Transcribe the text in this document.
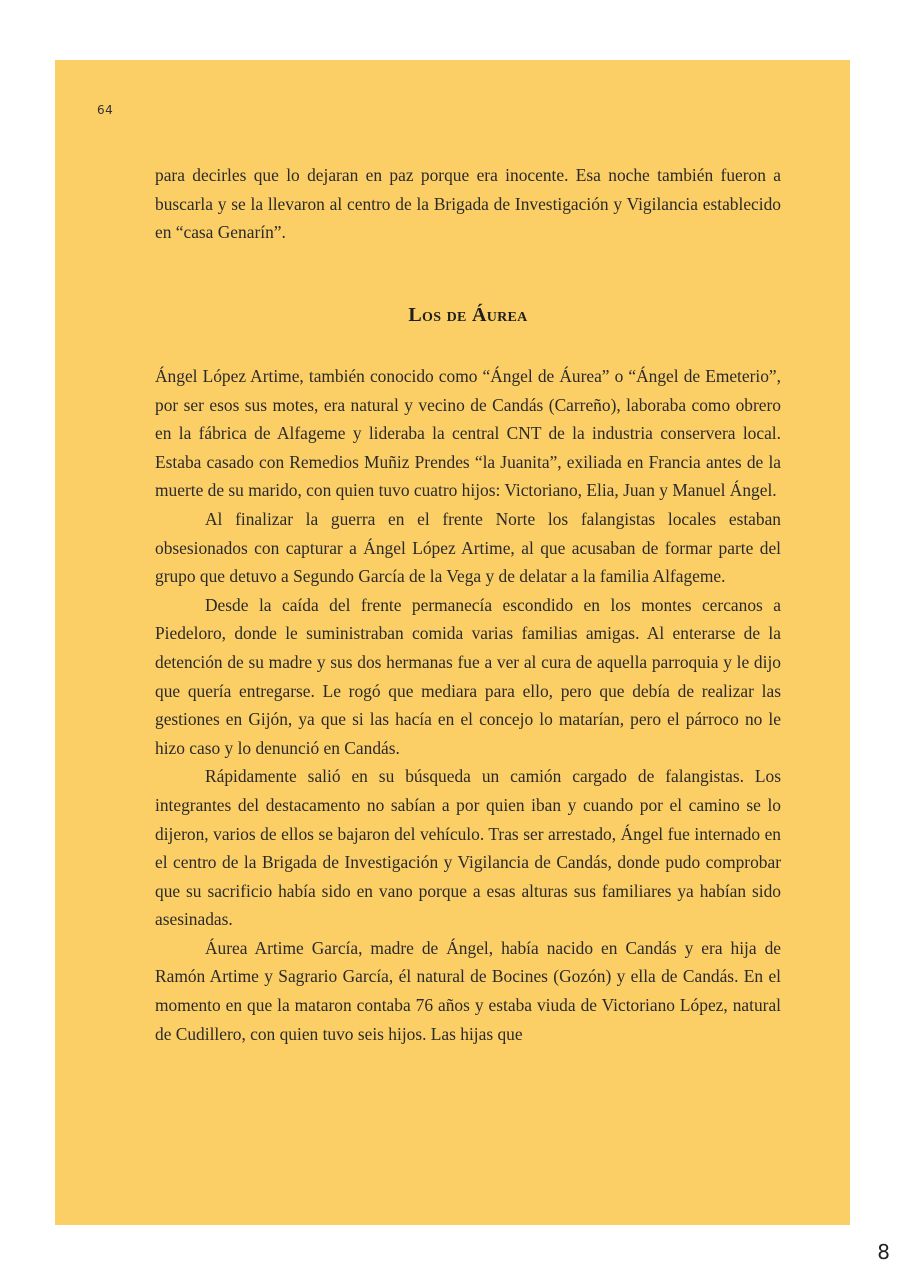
64

para decirles que lo dejaran en paz porque era inocente. Esa noche también fueron a buscarla y se la llevaron al centro de la Brigada de Investigación y Vigilancia establecido en “casa Genarín”.

Los de Áurea

Ángel López Artime, también conocido como “Ángel de Áurea” o “Ángel de Emeterio”, por ser esos sus motes, era natural y vecino de Candás (Carreño), laboraba como obrero en la fábrica de Alfageme y lideraba la central CNT de la industria conservera local. Estaba casado con Remedios Muñiz Prendes “la Juanita”, exiliada en Francia antes de la muerte de su marido, con quien tuvo cuatro hijos: Victoriano, Elia, Juan y Manuel Ángel.

Al finalizar la guerra en el frente Norte los falangistas locales estaban obsesionados con capturar a Ángel López Artime, al que acusaban de formar parte del grupo que detuvo a Segundo García de la Vega y de delatar a la familia Alfageme.

Desde la caída del frente permanecía escondido en los montes cercanos a Piedeloro, donde le suministraban comida varias familias amigas. Al enterarse de la detención de su madre y sus dos hermanas fue a ver al cura de aquella parroquia y le dijo que quería entregarse. Le rogó que mediara para ello, pero que debía de realizar las gestiones en Gijón, ya que si las hacía en el concejo lo matarían, pero el párroco no le hizo caso y lo denunció en Candás.

Rápidamente salió en su búsqueda un camión cargado de falangistas. Los integrantes del destacamento no sabían a por quien iban y cuando por el camino se lo dijeron, varios de ellos se bajaron del vehículo. Tras ser arrestado, Ángel fue internado en el centro de la Brigada de Investigación y Vigilancia de Candás, donde pudo comprobar que su sacrificio había sido en vano porque a esas alturas sus familiares ya habían sido asesinadas.

Áurea Artime García, madre de Ángel, había nacido en Candás y era hija de Ramón Artime y Sagrario García, él natural de Bocines (Gozón) y ella de Candás. En el momento en que la mataron contaba 76 años y estaba viuda de Victoriano López, natural de Cudillero, con quien tuvo seis hijos. Las hijas que

8
